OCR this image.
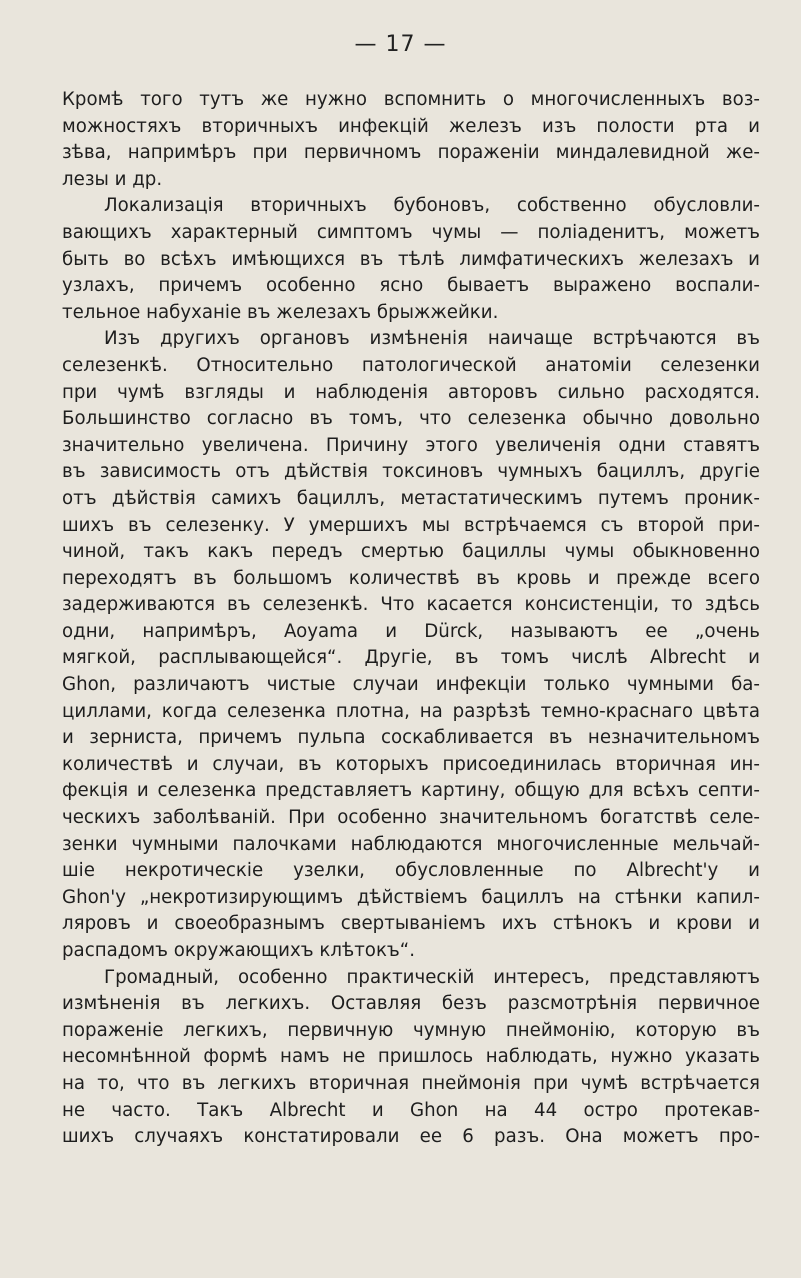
— 17 —
Кромѣ того тутъ же нужно вспомнить о многочисленныхъ воз-
можностяхъ вторичныхъ инфекцій железъ изъ полости рта и
зѣва, напримѣръ при первичномъ пораженіи миндалевидной же-
лезы и др.
Локализація вторичныхъ бубоновъ, собственно обусловли-
вающихъ характерный симптомъ чумы — поліаденитъ, можетъ
быть во всѣхъ имѣющихся въ тѣлѣ лимфатическихъ железахъ и
узлахъ, причемъ особенно ясно бываетъ выражено воспали-
тельное набуханіе въ железахъ брыжжейки.
Изъ другихъ органовъ измѣненія наичаще встрѣчаются въ
селезенкѣ. Относительно патологической анатоміи селезенки
при чумѣ взгляды и наблюденія авторовъ сильно расходятся.
Большинство согласно въ томъ, что селезенка обычно довольно
значительно увеличена. Причину этого увеличенія одни ставятъ
въ зависимость отъ дѣйствія токсиновъ чумныхъ бациллъ, другіе
отъ дѣйствія самихъ бациллъ, метастатическимъ путемъ проник-
шихъ въ селезенку. У умершихъ мы встрѣчаемся съ второй при-
чиной, такъ какъ передъ смертью бациллы чумы обыкновенно
переходятъ въ большомъ количествѣ въ кровь и прежде всего
задерживаются въ селезенкѣ. Что касается консистенціи, то здѣсь
одни, напримѣръ, Aoyama и Dürck, называютъ ее „очень
мягкой, расплывающейся“. Другіе, въ томъ числѣ Albrecht и
Ghon, различаютъ чистые случаи инфекціи только чумными ба-
циллами, когда селезенка плотна, на разрѣзѣ темно-краснаго цвѣта
и зерниста, причемъ пульпа соскабливается въ незначительномъ
количествѣ и случаи, въ которыхъ присоединилась вторичная ин-
фекція и селезенка представляетъ картину, общую для всѣхъ септи-
ческихъ заболѣваній. При особенно значительномъ богатствѣ селе-
зенки чумными палочками наблюдаются многочисленные мельчай-
шіе некротическіе узелки, обусловленные по Albrecht'у и
Ghon'у „некротизирующимъ дѣйствіемъ бациллъ на стѣнки капил-
ляровъ и своеобразнымъ свертываніемъ ихъ стѣнокъ и крови и
распадомъ окружающихъ клѣтокъ“.
Громадный, особенно практическій интересъ, представляютъ
измѣненія въ легкихъ. Оставляя безъ разсмотрѣнія первичное
пораженіе легкихъ, первичную чумную пнеймонію, которую въ
несомнѣнной формѣ намъ не пришлось наблюдать, нужно указать
на то, что въ легкихъ вторичная пнеймонія при чумѣ встрѣчается
не часто. Такъ Albrecht и Ghon на 44 остро протекав-
шихъ случаяхъ констатировали ее 6 разъ. Она можетъ про-
